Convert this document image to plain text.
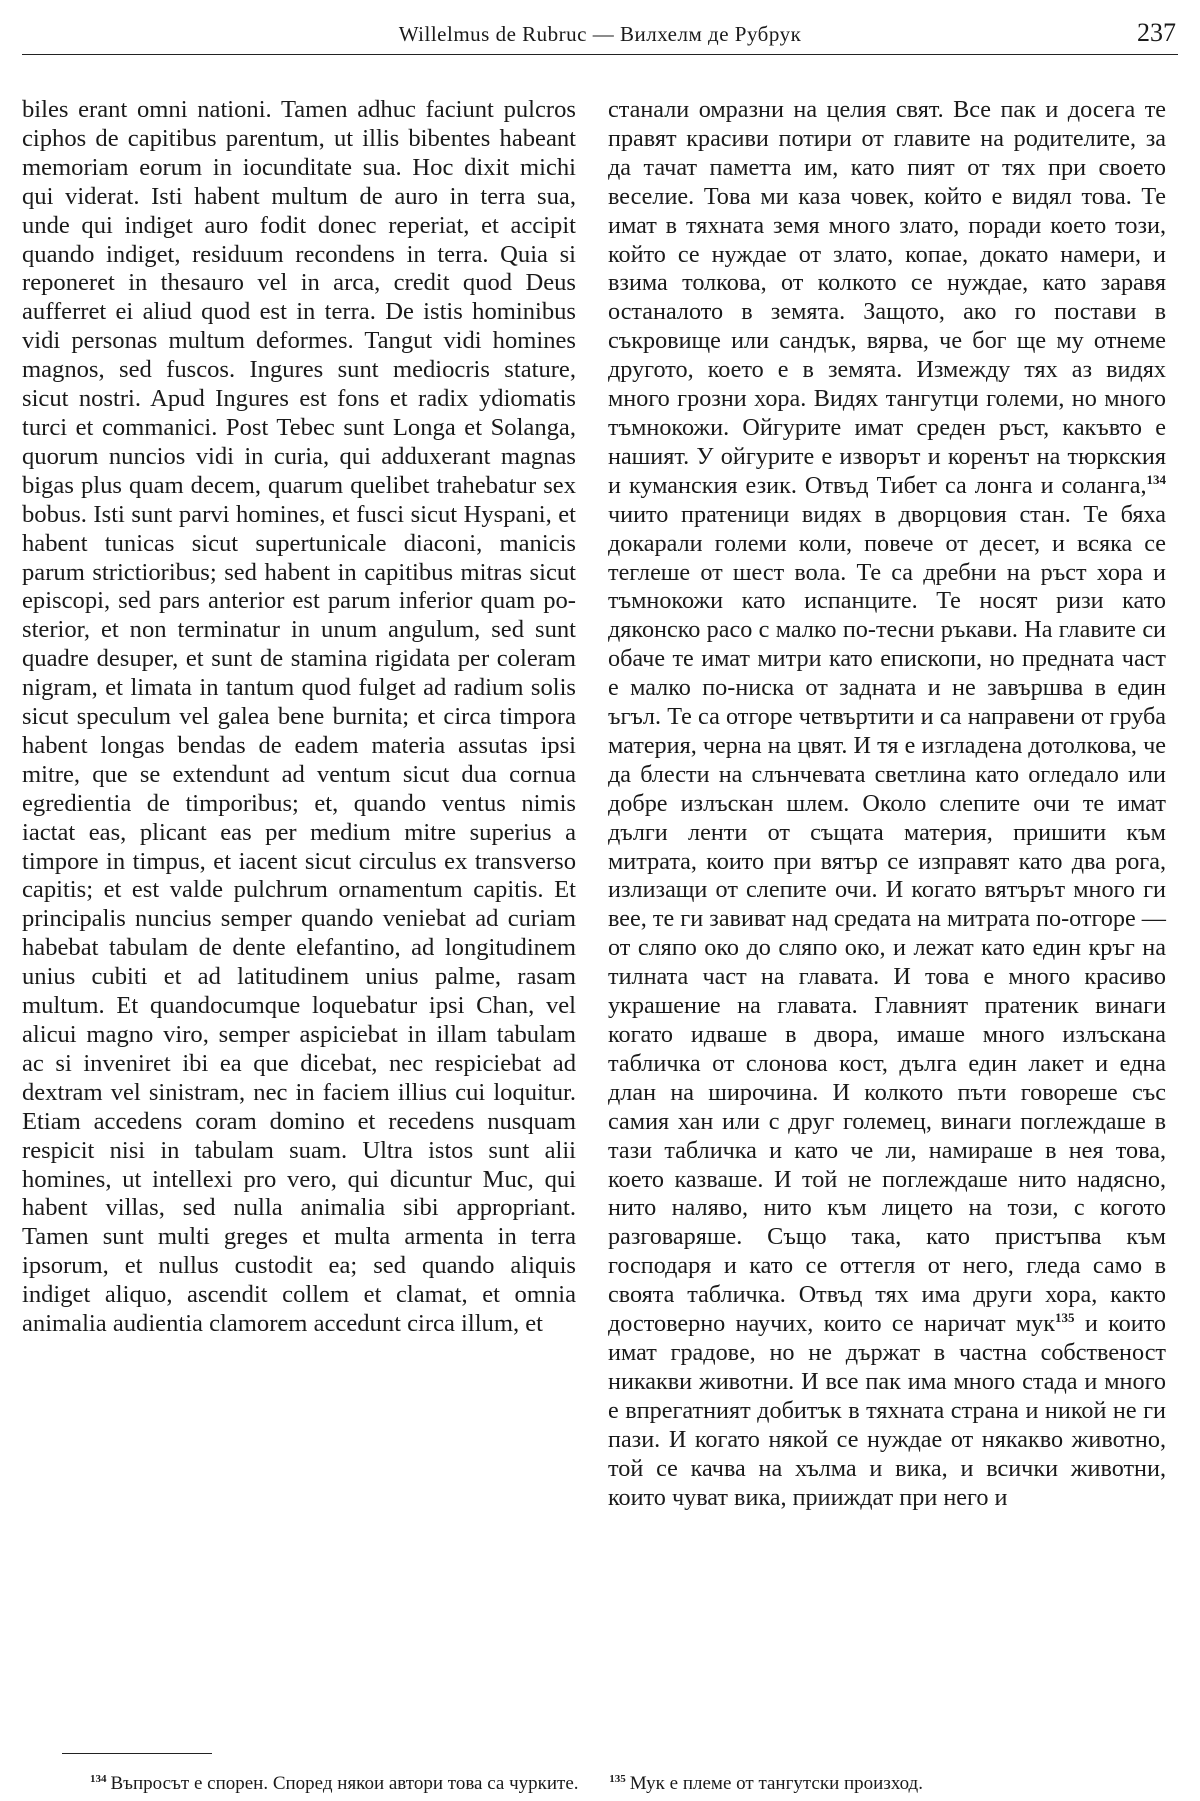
Willelmus de Rubruc — Вилхелм де Рубрук	237

biles erant omni nationi. Tamen adhuc faciunt pulcros ciphos de capitibus parentum, ut illis bibentes habeant memoriam eorum in iocunditate sua. Hoc dixit michi qui viderat. Isti habent multum de auro in terra sua, unde qui indiget auro fodit donec reperiat, et accipit quando indiget, residuum recondens in terra. Quia si reponeret in thesauro vel in arca, credit quod Deus aufferret ei aliud quod est in terra. De istis hominibus vidi personas multum deformes. Tangut vidi homines magnos, sed fuscos. Ingures sunt mediocris stature, sicut nostri. Apud Ingures est fons et radix ydiomatis turci et commanici. Post Tebec sunt Longa et Solanga, quorum nuncios vidi in curia, qui adduxerant magnas bigas plus quam decem, quarum quelibet trahebatur sex bobus. Isti sunt parvi homines, et fusci sicut Hyspani, et habent tunicas sicut supertunicale diaconi, manicis parum strictioribus; sed habent in capitibus mitras sicut episcopi, sed pars anterior est parum inferior quam posterior, et non terminatur in unum angulum, sed sunt quadre desuper, et sunt de stamina rigidata per coleram nigram, et limata in tantum quod fulget ad radium solis sicut speculum vel galea bene burnita; et circa timpora habent longas bendas de eadem materia assutas ipsi mitre, que se extendunt ad ventum sicut dua cornua egredientia de timporibus; et, quando ventus nimis iactat eas, plicant eas per medium mitre superius a timpore in timpus, et iacent sicut circulus ex transverso capitis; et est valde pulchrum ornamentum capitis. Et principalis nuncius semper quando veniebat ad curiam habebat tabulam de dente elefantino, ad longitudinem unius cubiti et ad latitudinem unius palme, rasam multum. Et quandocumque loquebatur ipsi Chan, vel alicui magno viro, semper aspiciebat in illam tabulam ac si inveniret ibi ea que dicebat, nec respiciebat ad dextram vel sinistram, nec in faciem illius cui loquitur. Etiam accedens coram domino et recedens nusquam respicit nisi in tabulam suam. Ultra istos sunt alii homines, ut intellexi pro vero, qui dicuntur Muc, qui habent villas, sed nulla animalia sibi appropriant. Tamen sunt multi greges et multa armenta in terra ipsorum, et nullus custodit ea; sed quando aliquis indiget aliquo, ascendit collem et clamat, et omnia animalia audientia clamorem accedunt circa illum, et

станали омразни на целия свят. Все пак и досега те правят красиви потири от главите на родителите, за да тачат паметта им, като пият от тях при своето веселие. Това ми каза човек, който е видял това. Те имат в тяхната земя много злато, поради което този, който се нуждае от злато, копае, докато намери, и взима толкова, от колкото се нуждае, като заравя останалото в земята. Защото, ако го постави в съкровище или сандък, вярва, че бог ще му отнеме другото, което е в земята. Измежду тях аз видях много грозни хора. Видях тангутци големи, но много тъмнокожи. Ойгурите имат среден ръст, какъвто е нашият. У ойгурите е изворът и коренът на тюркския и куманския език. Отвъд Тибет са лонга и соланга,$^{134}$ чиито пратеници видях в дворцовия стан. Те бяха докарали големи коли, повече от десет, и всяка се теглеше от шест вола. Те са дребни на ръст хора и тъмнокожи като испанците. Те носят ризи като дяконско расо с малко по-тесни ръкави. На главите си обаче те имат митри като епископи, но предната част е малко по-ниска от задната и не завършва в един ъгъл. Те са отгоре четвъртити и са направени от груба материя, черна на цвят. И тя е изгладена дотолкова, че да блести на слънчевата светлина като огледало или добре излъскан шлем. Около слепите очи те имат дълги ленти от същата материя, пришити към митрата, които при вятър се изправят като два рога, излизащи от слепите очи. И когато вятърът много ги вее, те ги завиват над средата на митрата по-отгоре — от сляпо око до сляпо око, и лежат като един кръг на тилната част на главата. И това е много красиво украшение на главата. Главният пратеник винаги когато идваше в двора, имаше много излъскана табличка от слонова кост, дълга един лакет и една длан на широчина. И колкото пъти говореше със самия хан или с друг големец, винаги поглеждаше в тази табличка и като че ли, намираше в нея това, което казваше. И той не поглеждаше нито надясно, нито наляво, нито към лицето на този, с когото разговаряше. Също така, като пристъпва към господаря и като се оттегля от него, гледа само в своята табличка. Отвъд тях има други хора, както достоверно научих, които се наричат мук$^{135}$ и които имат градове, но не държат в частна собственост никакви животни. И все пак има много стада и много е впрегатният добитък в тяхната страна и никой не ги пази. И когато някой се нуждае от някакво животно, той се качва на хълма и вика, и всички животни, които чуват вика, прииждат при него и

$^{134}$ Въпросът е спорен. Според някои автори това са чурките.	$^{135}$ Мук е племе от тангутски произход.
